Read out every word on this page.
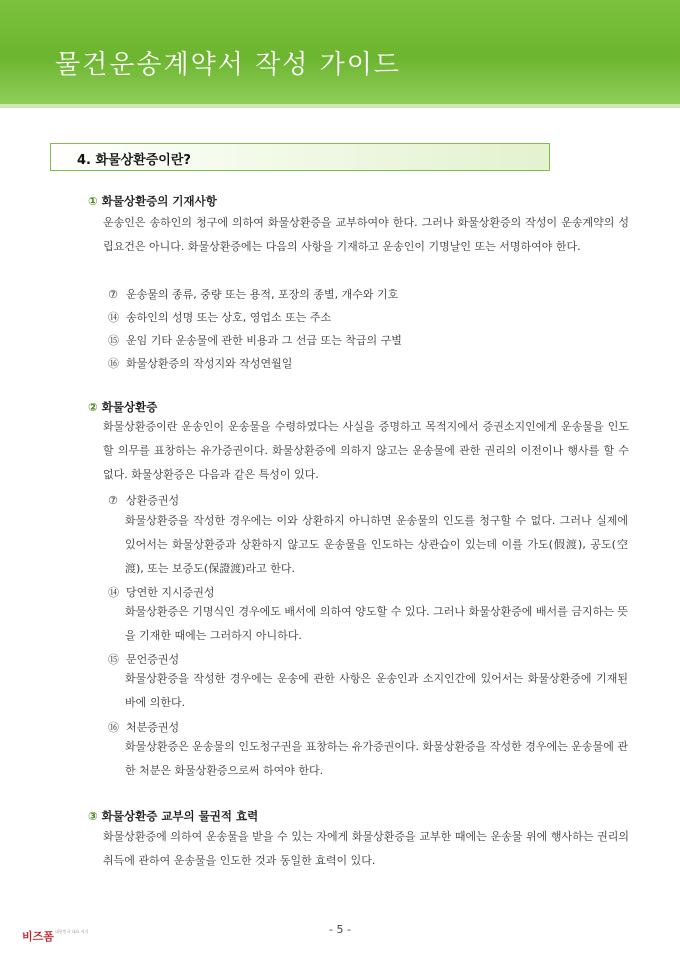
물건운송계약서 작성 가이드
4. 화물상환증이란?
① 화물상환증의 기재사항
운송인은 송하인의 청구에 의하여 화물상환증을 교부하여야 한다. 그러나 화물상환증의 작성이 운송계약의 성립요건은 아니다. 화물상환증에는 다음의 사항을 기재하고 운송인이 기명날인 또는 서명하여야 한다.
⑦ 운송물의 종류, 중량 또는 용적, 포장의 종별, 개수와 기호
⑭ 송하인의 성명 또는 상호, 영업소 또는 주소
⑮ 운임 기타 운송물에 관한 비용과 그 선급 또는 착급의 구별
⑯ 화물상환증의 작성지와 작성연월일
② 화물상환증
화물상환증이란 운송인이 운송물을 수령하였다는 사실을 증명하고 목적지에서 증권소지인에게 운송물을 인도할 의무를 표창하는 유가증권이다. 화물상환증에 의하지 않고는 운송물에 관한 권리의 이전이나 행사를 할 수 없다. 화물상환증은 다음과 같은 특성이 있다.
⑦ 상환증권성
화물상환증을 작성한 경우에는 이와 상환하지 아니하면 운송물의 인도를 청구할 수 없다. 그러나 실제에 있어서는 화물상환증과 상환하지 않고도 운송물을 인도하는 상관습이 있는데 이를 가도(假渡), 공도(空渡), 또는 보증도(保證渡)라고 한다.
⑭ 당연한 지시증권성
화물상환증은 기명식인 경우에도 배서에 의하여 양도할 수 있다. 그러나 화물상환증에 배서를 금지하는 뜻을 기재한 때에는 그러하지 아니하다.
⑮ 문언증권성
화물상환증을 작성한 경우에는 운송에 관한 사항은 운송인과 소지인간에 있어서는 화물상환증에 기재된 바에 의한다.
⑯ 처분증권성
화물상환증은 운송물의 인도청구권을 표창하는 유가증권이다. 화물상환증을 작성한 경우에는 운송물에 관한 처분은 화물상환증으로써 하여야 한다.
③ 화물상환증 교부의 물권적 효력
화물상환증에 의하여 운송물을 받을 수 있는 자에게 화물상환증을 교부한 때에는 운송물 위에 행사하는 권리의 취득에 관하여 운송물을 인도한 것과 동일한 효력이 있다.
- 5 -
비즈폼 대한민국 대표 서식
